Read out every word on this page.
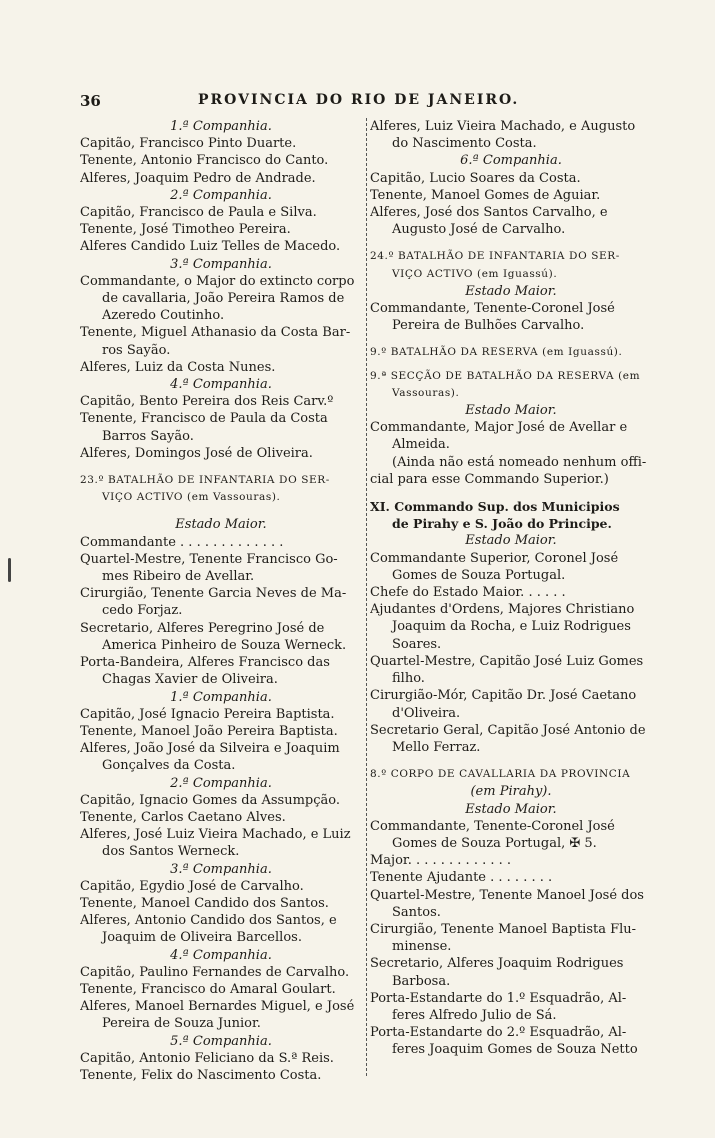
36	PROVINCIA DO RIO DE JANEIRO.
1.ª Companhia.
Capitão, Francisco Pinto Duarte.
Tenente, Antonio Francisco do Canto.
Alferes, Joaquim Pedro de Andrade.
2.ª Companhia.
Capitão, Francisco de Paula e Silva.
Tenente, José Timotheo Pereira.
Alferes Candido Luiz Telles de Macedo.
3.ª Companhia.
Commandante, o Major do extincto corpo
de cavallaria, João Pereira Ramos de
Azeredo Coutinho.
Tenente, Miguel Athanasio da Costa Bar-
ros Sayão.
Alferes, Luiz da Costa Nunes.
4.ª Companhia.
Capitão, Bento Pereira dos Reis Carv.º
Tenente, Francisco de Paula da Costa
Barros Sayão.
Alferes, Domingos José de Oliveira.
23.º BATALHÃO DE INFANTARIA DO SER-
VIÇO ACTIVO (em Vassouras).
Estado Maior.
Commandante . . . . . . . . . . . . .
Quartel-Mestre, Tenente Francisco Go-
mes Ribeiro de Avellar.
Cirurgião, Tenente Garcia Neves de Ma-
cedo Forjaz.
Secretario, Alferes Peregrino José de
America Pinheiro de Souza Werneck.
Porta-Bandeira, Alferes Francisco das
Chagas Xavier de Oliveira.
1.ª Companhia.
Capitão, José Ignacio Pereira Baptista.
Tenente, Manoel João Pereira Baptista.
Alferes, João José da Silveira e Joaquim
Gonçalves da Costa.
2.ª Companhia.
Capitão, Ignacio Gomes da Assumpção.
Tenente, Carlos Caetano Alves.
Alferes, José Luiz Vieira Machado, e Luiz
dos Santos Werneck.
3.ª Companhia.
Capitão, Egydio José de Carvalho.
Tenente, Manoel Candido dos Santos.
Alferes, Antonio Candido dos Santos, e
Joaquim de Oliveira Barcellos.
4.ª Companhia.
Capitão, Paulino Fernandes de Carvalho.
Tenente, Francisco do Amaral Goulart.
Alferes, Manoel Bernardes Miguel, e José
Pereira de Souza Junior.
5.ª Companhia.
Capitão, Antonio Feliciano da S.ª Reis.
Tenente, Felix do Nascimento Costa.
Alferes, Luiz Vieira Machado, e Augusto
do Nascimento Costa.
6.ª Companhia.
Capitão, Lucio Soares da Costa.
Tenente, Manoel Gomes de Aguiar.
Alferes, José dos Santos Carvalho, e
Augusto José de Carvalho.
24.º BATALHÃO DE INFANTARIA DO SER-
VIÇO ACTIVO (em Iguassú).
Estado Maior.
Commandante, Tenente-Coronel José
Pereira de Bulhões Carvalho.
9.º BATALHÃO DA RESERVA (em Iguassú).
9.ª SECÇÃO DE BATALHÃO DA RESERVA (em
Vassouras).
Estado Maior.
Commandante, Major José de Avellar e
Almeida.
(Ainda não está nomeado nenhum offi-
cial para esse Commando Superior.)
XI. Commando Sup. dos Municipios
de Pirahy e S. João do Principe.
Estado Maior.
Commandante Superior, Coronel José
Gomes de Souza Portugal.
Chefe do Estado Maior. . . . . .
Ajudantes d'Ordens, Majores Christiano
Joaquim da Rocha, e Luiz Rodrigues
Soares.
Quartel-Mestre, Capitão José Luiz Gomes
filho.
Cirurgião-Mór, Capitão Dr. José Caetano
d'Oliveira.
Secretario Geral, Capitão José Antonio de
Mello Ferraz.
8.º CORPO DE CAVALLARIA DA PROVINCIA
(em Pirahy).
Estado Maior.
Commandante, Tenente-Coronel José
Gomes de Souza Portugal, ✠ 5.
Major. . . . . . . . . . . . .
Tenente Ajudante . . . . . . . .
Quartel-Mestre, Tenente Manoel José dos
Santos.
Cirurgião, Tenente Manoel Baptista Flu-
minense.
Secretario, Alferes Joaquim Rodrigues
Barbosa.
Porta-Estandarte do 1.º Esquadrão, Al-
feres Alfredo Julio de Sá.
Porta-Estandarte do 2.º Esquadrão, Al-
feres Joaquim Gomes de Souza Netto
